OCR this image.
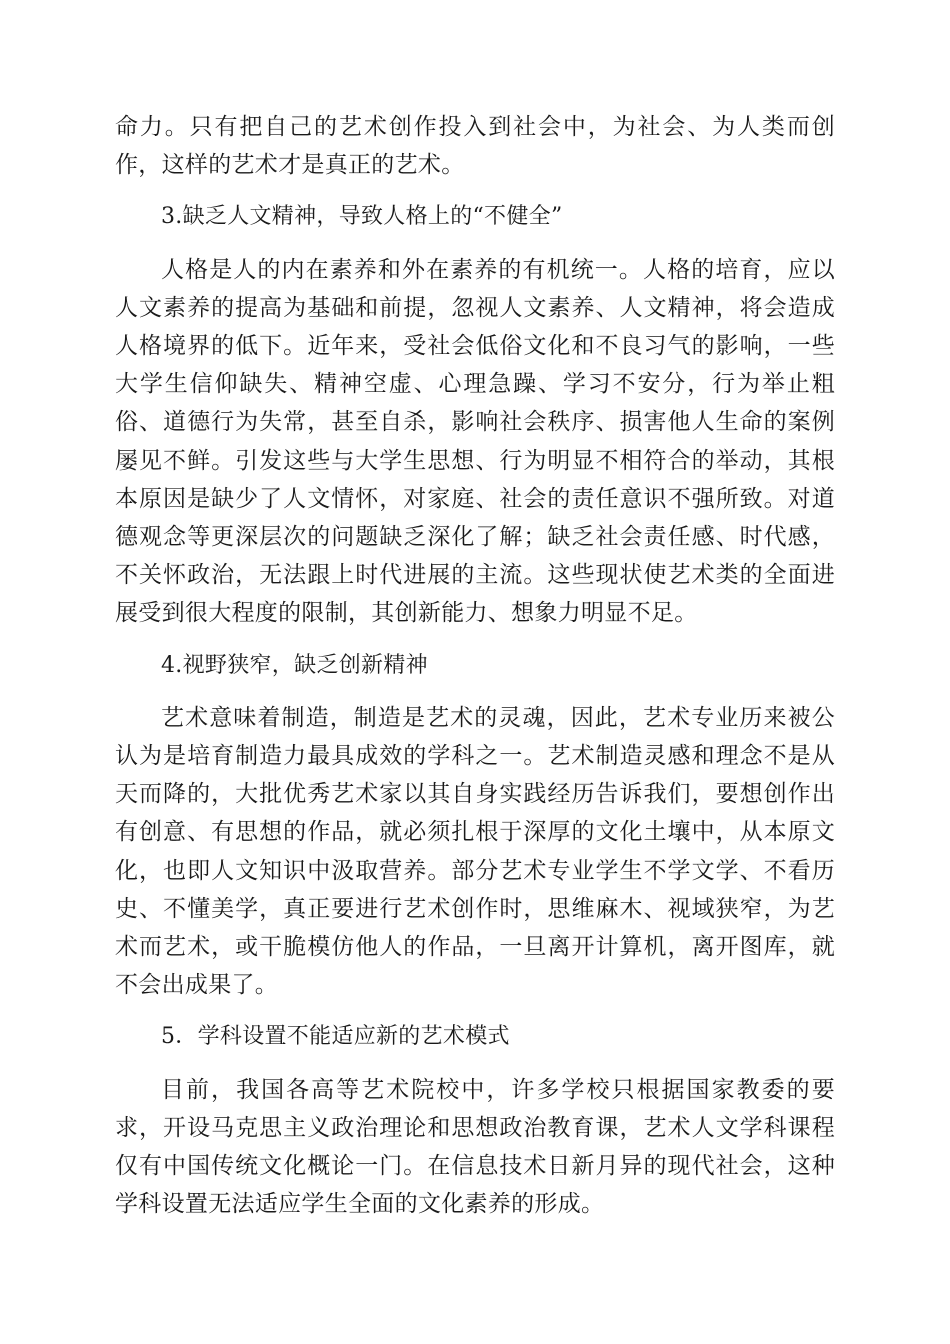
命力。只有把自己的艺术创作投入到社会中，为社会、为人类而创作，这样的艺术才是真正的艺术。

3.缺乏人文精神，导致人格上的“不健全”

人格是人的内在素养和外在素养的有机统一。人格的培育，应以人文素养的提高为基础和前提，忽视人文素养、人文精神，将会造成人格境界的低下。近年来，受社会低俗文化和不良习气的影响，一些大学生信仰缺失、精神空虚、心理急躁、学习不安分，行为举止粗俗、道德行为失常，甚至自杀，影响社会秩序、损害他人生命的案例屡见不鲜。引发这些与大学生思想、行为明显不相符合的举动，其根本原因是缺少了人文情怀，对家庭、社会的责任意识不强所致。对道德观念等更深层次的问题缺乏深化了解；缺乏社会责任感、时代感，不关怀政治，无法跟上时代进展的主流。这些现状使艺术类的全面进展受到很大程度的限制，其创新能力、想象力明显不足。

4.视野狭窄，缺乏创新精神

艺术意味着制造，制造是艺术的灵魂，因此，艺术专业历来被公认为是培育制造力最具成效的学科之一。艺术制造灵感和理念不是从天而降的，大批优秀艺术家以其自身实践经历告诉我们，要想创作出有创意、有思想的作品，就必须扎根于深厚的文化土壤中，从本原文化，也即人文知识中汲取营养。部分艺术专业学生不学文学、不看历史、不懂美学，真正要进行艺术创作时，思维麻木、视域狭窄，为艺术而艺术，或干脆模仿他人的作品，一旦离开计算机，离开图库，就不会出成果了。

5．学科设置不能适应新的艺术模式

目前，我国各高等艺术院校中，许多学校只根据国家教委的要求，开设马克思主义政治理论和思想政治教育课，艺术人文学科课程仅有中国传统文化概论一门。在信息技术日新月异的现代社会，这种学科设置无法适应学生全面的文化素养的形成。
